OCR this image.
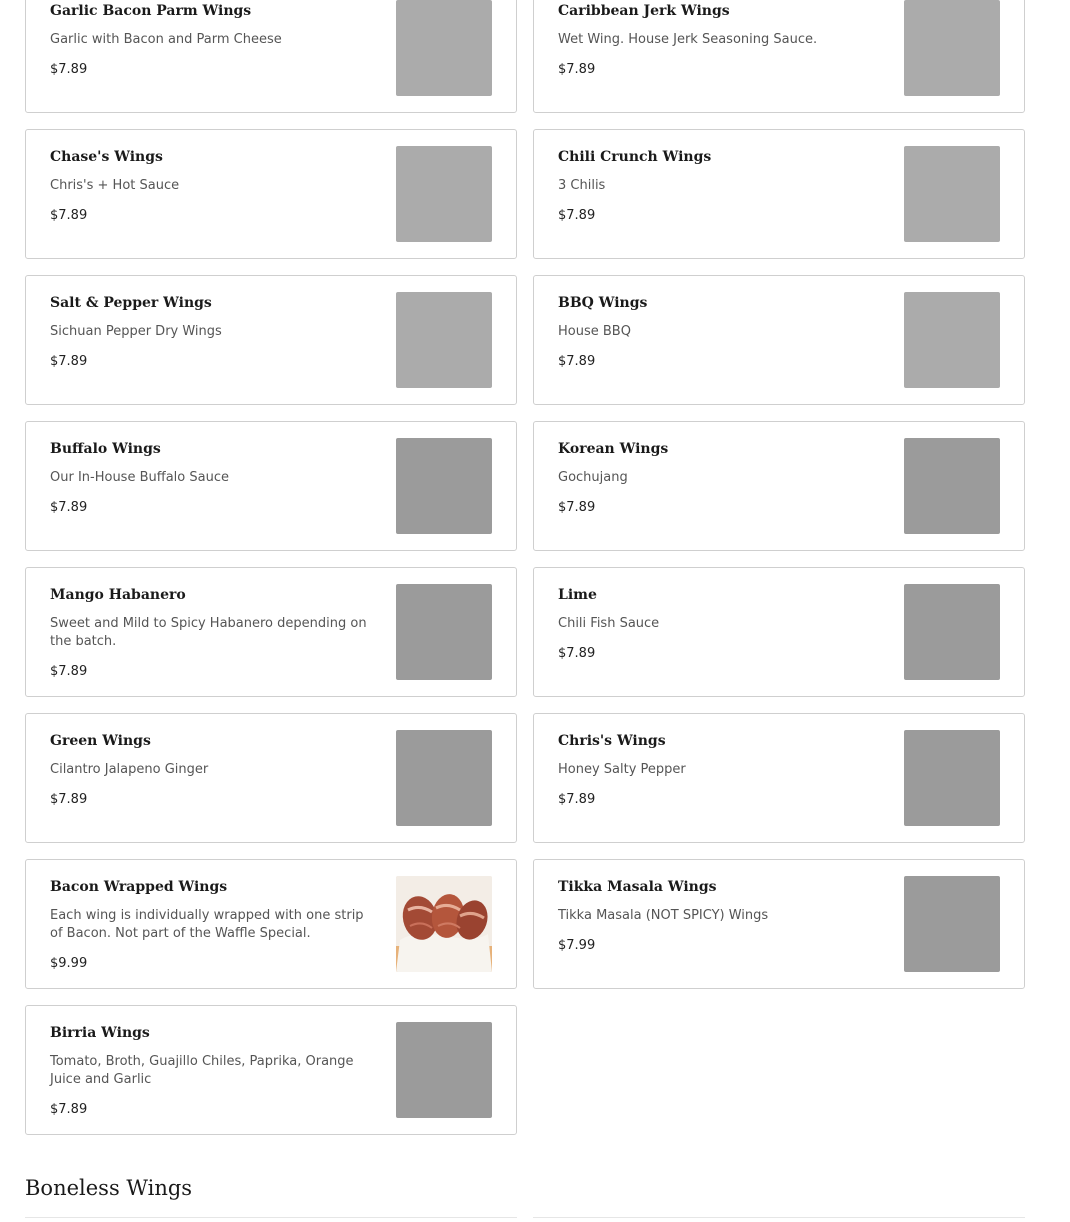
Garlic Bacon Parm Wings
Garlic with Bacon and Parm Cheese
$7.89
Caribbean Jerk Wings
Wet Wing. House Jerk Seasoning Sauce.
$7.89
Chase's Wings
Chris's + Hot Sauce
$7.89
Chili Crunch Wings
3 Chilis
$7.89
Salt & Pepper Wings
Sichuan Pepper Dry Wings
$7.89
BBQ Wings
House BBQ
$7.89
Buffalo Wings
Our In-House Buffalo Sauce
$7.89
Korean Wings
Gochujang
$7.89
Mango Habanero
Sweet and Mild to Spicy Habanero depending on the batch.
$7.89
Lime
Chili Fish Sauce
$7.89
Green Wings
Cilantro Jalapeno Ginger
$7.89
Chris's Wings
Honey Salty Pepper
$7.89
Bacon Wrapped Wings
Each wing is individually wrapped with one strip of Bacon. Not part of the Waffle Special.
$9.99
Tikka Masala Wings
Tikka Masala (NOT SPICY) Wings
$7.99
Birria Wings
Tomato, Broth, Guajillo Chiles, Paprika, Orange Juice and Garlic
$7.89
Boneless Wings
